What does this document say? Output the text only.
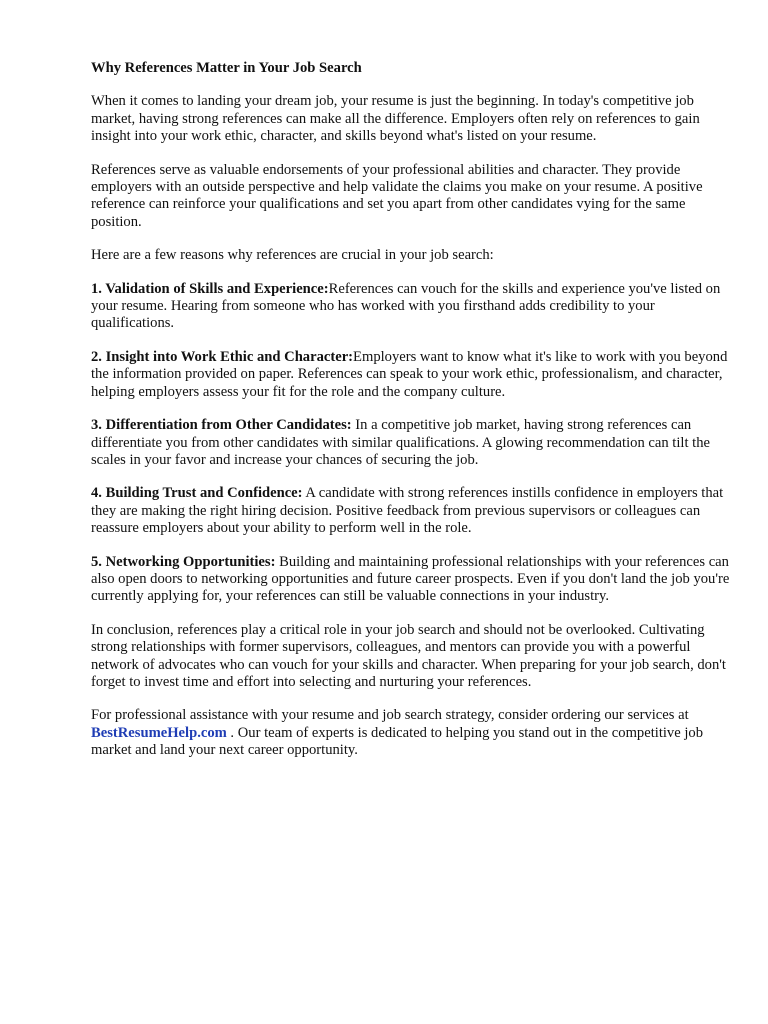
Why References Matter in Your Job Search

When it comes to landing your dream job, your resume is just the beginning. In today's competitive job market, having strong references can make all the difference. Employers often rely on references to gain insight into your work ethic, character, and skills beyond what's listed on your resume.

References serve as valuable endorsements of your professional abilities and character. They provide employers with an outside perspective and help validate the claims you make on your resume. A positive reference can reinforce your qualifications and set you apart from other candidates vying for the same position.

Here are a few reasons why references are crucial in your job search:

1. Validation of Skills and Experience:References can vouch for the skills and experience you've listed on your resume. Hearing from someone who has worked with you firsthand adds credibility to your qualifications.

2. Insight into Work Ethic and Character:Employers want to know what it's like to work with you beyond the information provided on paper. References can speak to your work ethic, professionalism, and character, helping employers assess your fit for the role and the company culture.

3. Differentiation from Other Candidates: In a competitive job market, having strong references can differentiate you from other candidates with similar qualifications. A glowing recommendation can tilt the scales in your favor and increase your chances of securing the job.

4. Building Trust and Confidence: A candidate with strong references instills confidence in employers that they are making the right hiring decision. Positive feedback from previous supervisors or colleagues can reassure employers about your ability to perform well in the role.

5. Networking Opportunities: Building and maintaining professional relationships with your references can also open doors to networking opportunities and future career prospects. Even if you don't land the job you're currently applying for, your references can still be valuable connections in your industry.

In conclusion, references play a critical role in your job search and should not be overlooked. Cultivating strong relationships with former supervisors, colleagues, and mentors can provide you with a powerful network of advocates who can vouch for your skills and character. When preparing for your job search, don't forget to invest time and effort into selecting and nurturing your references.

For professional assistance with your resume and job search strategy, consider ordering our services at BestResumeHelp.com . Our team of experts is dedicated to helping you stand out in the competitive job market and land your next career opportunity.
